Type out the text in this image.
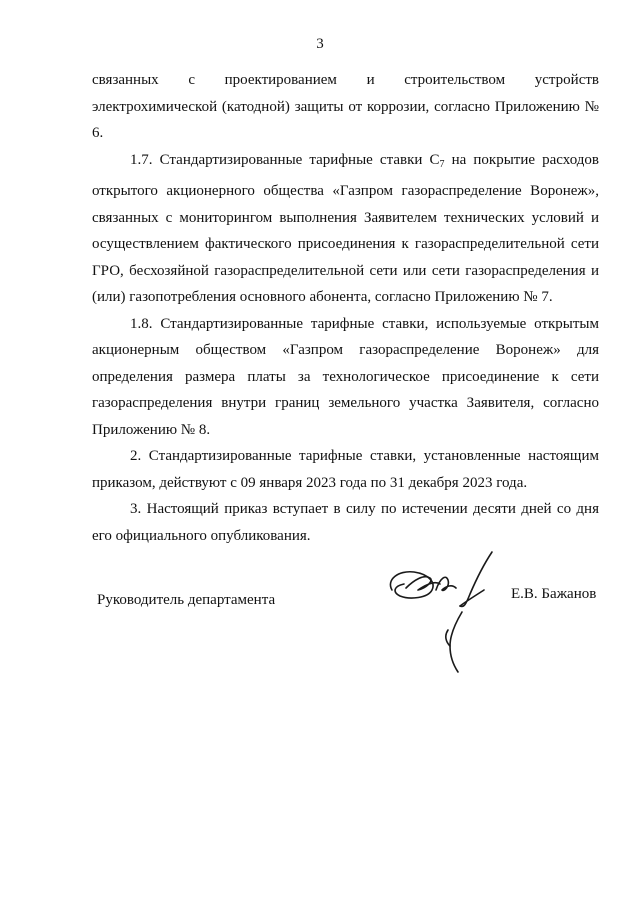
3

связанных с проектированием и строительством устройств

электрохимической (катодной) защиты от коррозии, согласно Приложению № 6.

1.7. Стандартизированные тарифные ставки $С_7$ на покрытие расходов открытого акционерного общества «Газпром газораспределение Воронеж», связанных с мониторингом выполнения Заявителем технических условий и осуществлением фактического присоединения к газораспределительной сети ГРО, бесхозяйной газораспределительной сети или сети газораспределения и (или) газопотребления основного абонента, согласно Приложению № 7.

1.8. Стандартизированные тарифные ставки, используемые открытым акционерным обществом «Газпром газораспределение Воронеж» для определения размера платы за технологическое присоединение к сети газораспределения внутри границ земельного участка Заявителя, согласно Приложению № 8.

2. Стандартизированные тарифные ставки, установленные настоящим приказом, действуют с 09 января 2023 года по 31 декабря 2023 года.

3. Настоящий приказ вступает в силу по истечении десяти дней со дня его официального опубликования.

Руководитель департамента	Е.В. Бажанов
